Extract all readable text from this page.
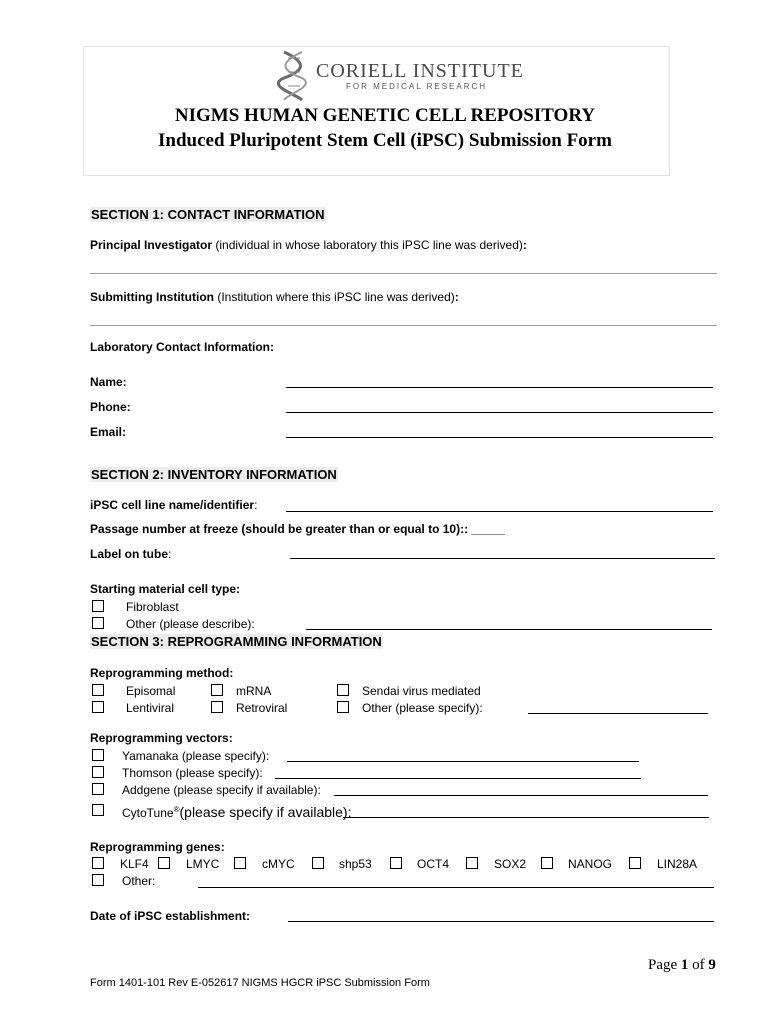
CORIELL INSTITUTE
FOR MEDICAL RESEARCH
NIGMS HUMAN GENETIC CELL REPOSITORY
Induced Pluripotent Stem Cell (iPSC) Submission Form
SECTION 1: CONTACT INFORMATION
Principal Investigator (individual in whose laboratory this iPSC line was derived):
Submitting Institution (Institution where this iPSC line was derived):
Laboratory Contact Information:
Name:
Phone:
Email:
SECTION 2: INVENTORY INFORMATION
iPSC cell line name/identifier:
Passage number at freeze (should be greater than or equal to 10):: _____
Label on tube:
Starting material cell type:
Fibroblast
Other (please describe):
SECTION 3: REPROGRAMMING INFORMATION
Reprogramming method:
Episomal	mRNA	Sendai virus mediated
Lentiviral	Retroviral	Other (please specify):
Reprogramming vectors:
Yamanaka (please specify):
Thomson (please specify):
Addgene (please specify if available):
CytoTune®(please specify if available):
Reprogramming genes:
KLF4	LMYC	cMYC	shp53	OCT4	SOX2	NANOG	LIN28A
Other:
Date of iPSC establishment:
Page 1 of 9
Form 1401-101 Rev E-052617 NIGMS HGCR iPSC Submission Form
